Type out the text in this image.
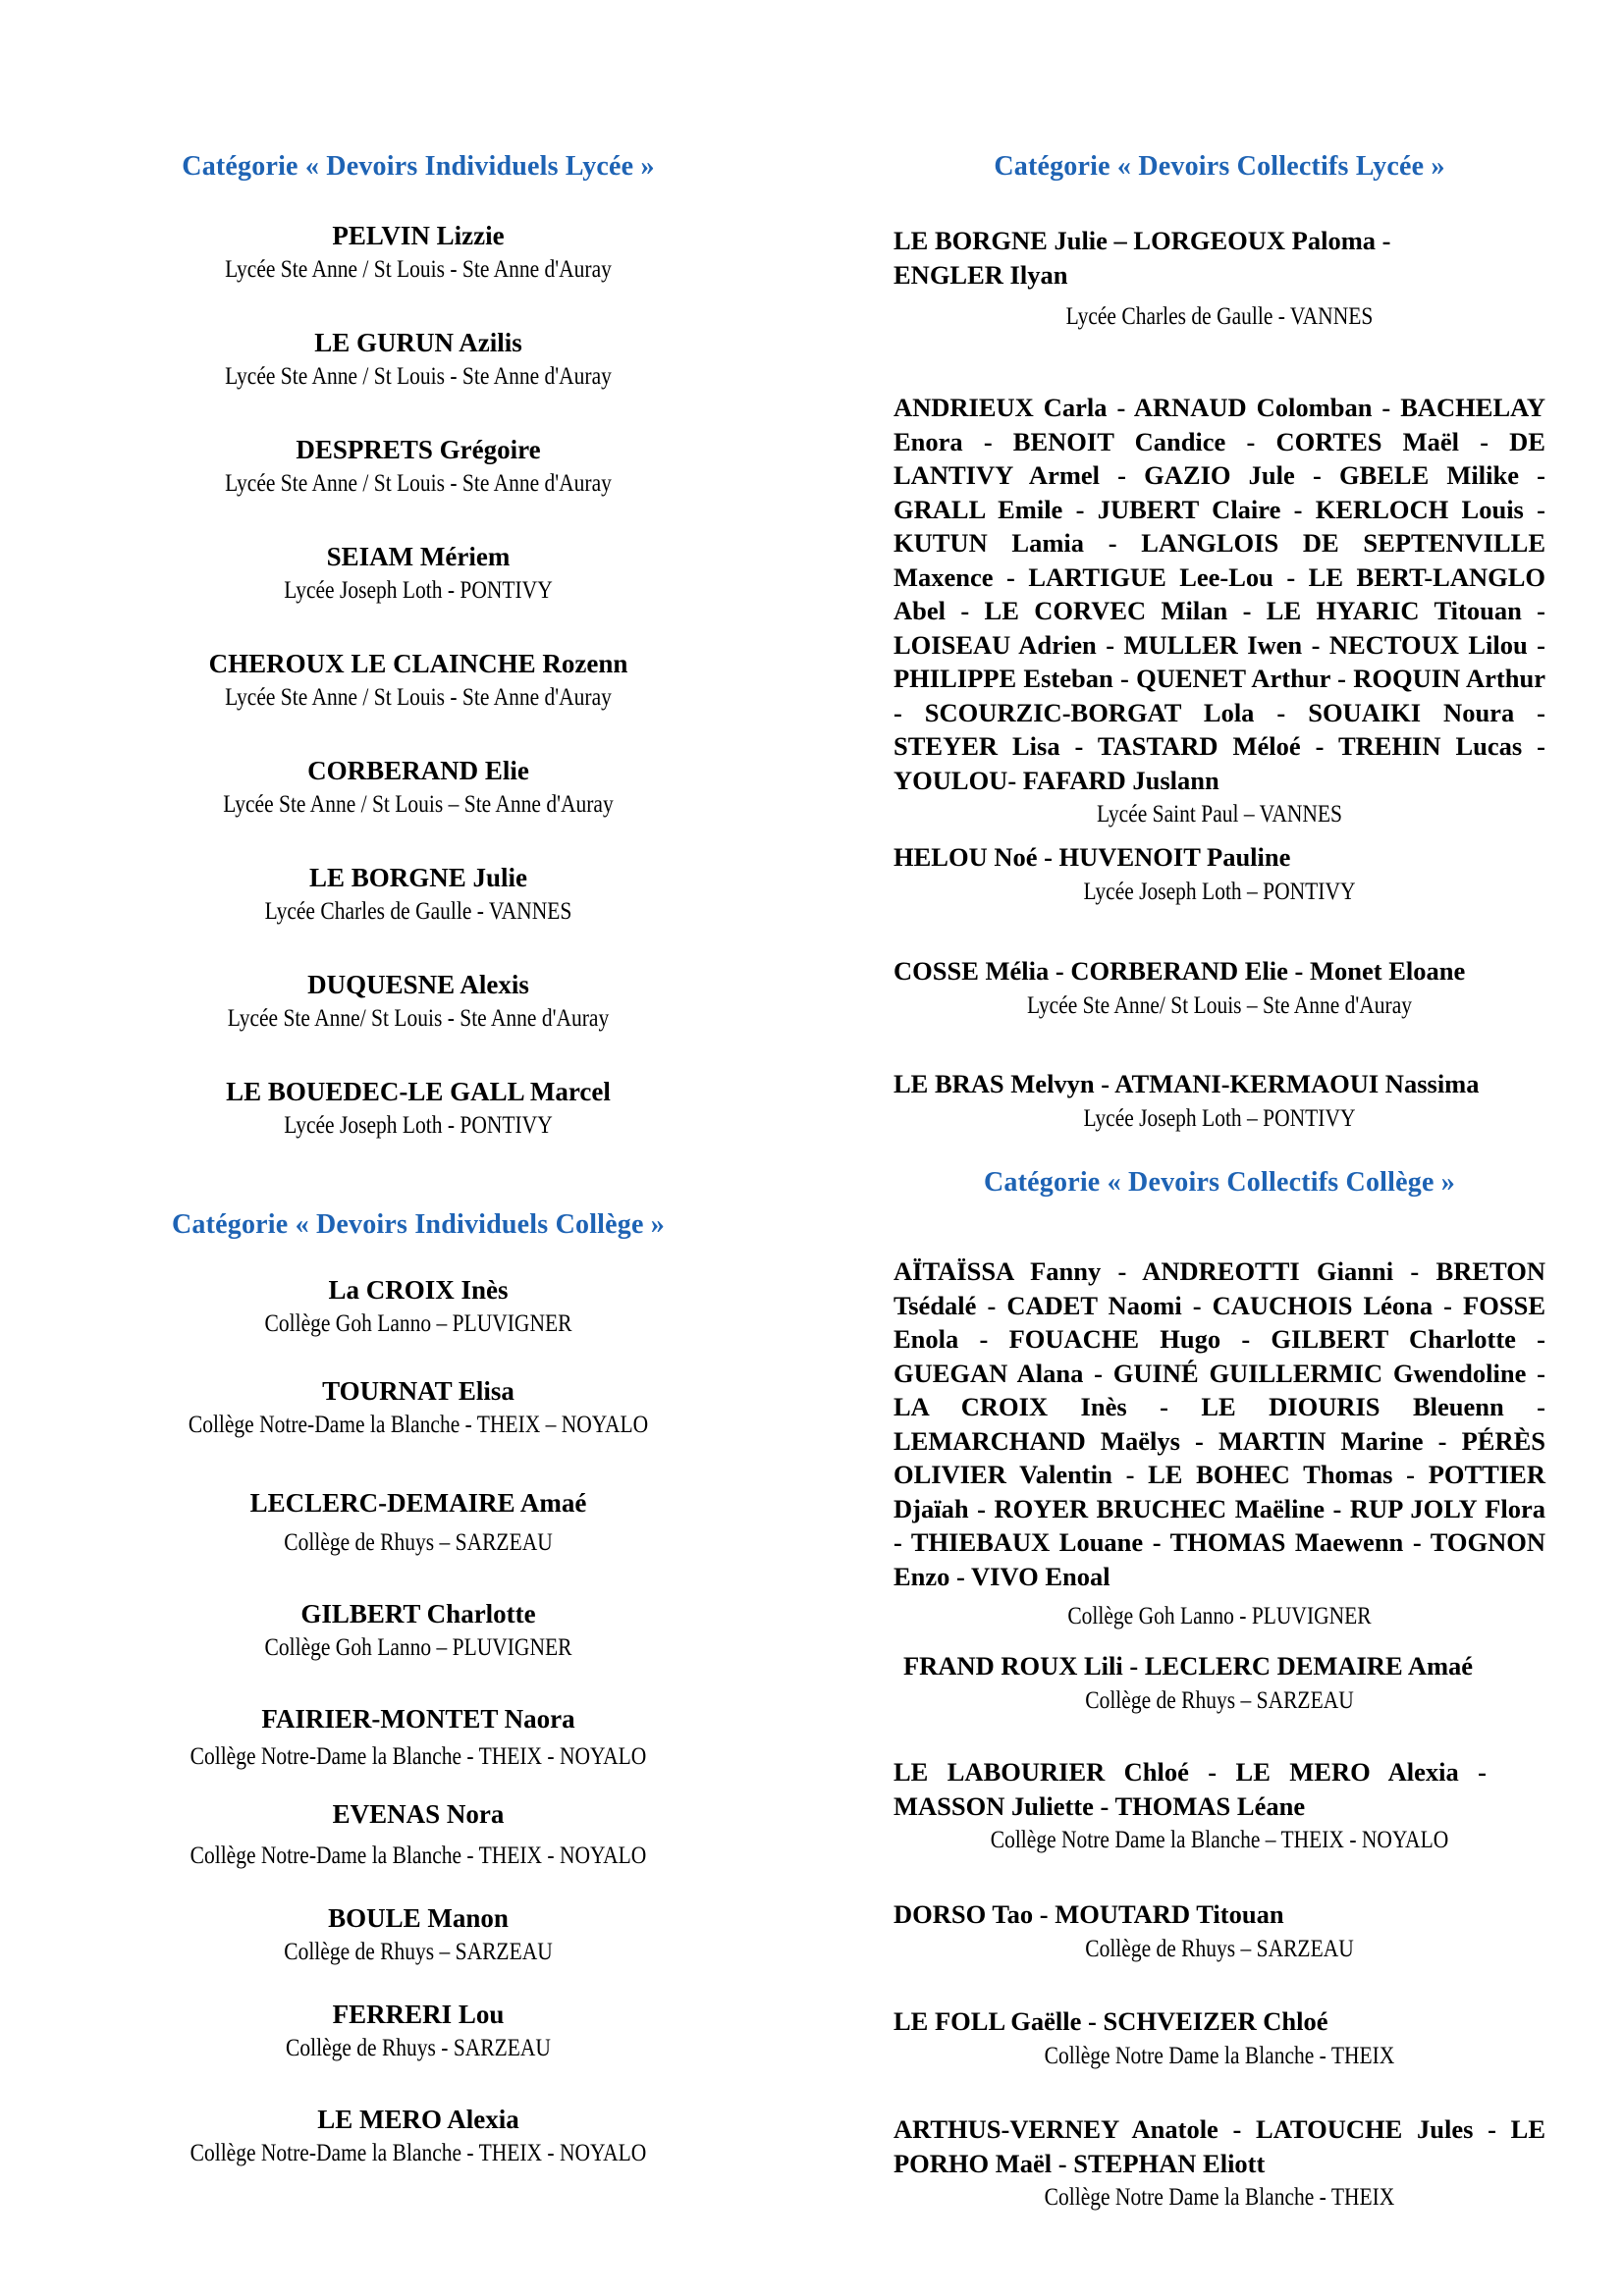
Catégorie « Devoirs Individuels Lycée »
PELVIN Lizzie
Lycée Ste Anne / St Louis - Ste Anne d'Auray
LE GURUN Azilis
Lycée Ste Anne / St Louis - Ste Anne d'Auray
DESPRETS Grégoire
Lycée Ste Anne / St Louis - Ste Anne d'Auray
SEIAM Mériem
Lycée Joseph Loth - PONTIVY
CHEROUX LE CLAINCHE Rozenn
Lycée Ste Anne / St Louis - Ste Anne d'Auray
CORBERAND Elie
Lycée Ste Anne / St Louis – Ste Anne d'Auray
LE BORGNE Julie
Lycée Charles de Gaulle - VANNES
DUQUESNE Alexis
Lycée Ste Anne/ St Louis - Ste Anne d'Auray
LE BOUEDEC-LE GALL Marcel
Lycée Joseph Loth - PONTIVY
Catégorie « Devoirs Individuels Collège »
La CROIX Inès
Collège Goh Lanno – PLUVIGNER
TOURNAT Elisa
Collège Notre-Dame la Blanche - THEIX – NOYALO
LECLERC-DEMAIRE Amaé
Collège de Rhuys – SARZEAU
GILBERT Charlotte
Collège Goh Lanno – PLUVIGNER
FAIRIER-MONTET Naora
Collège Notre-Dame la Blanche - THEIX - NOYALO
EVENAS Nora
Collège Notre-Dame la Blanche - THEIX - NOYALO
BOULE Manon
Collège de Rhuys – SARZEAU
FERRERI Lou
Collège de Rhuys - SARZEAU
LE MERO Alexia
Collège Notre-Dame la Blanche - THEIX - NOYALO
Catégorie « Devoirs Collectifs Lycée »

LE BORGNE Julie – LORGEOUX Paloma - ENGLER Ilyan

Lycée Charles de Gaulle - VANNES

ANDRIEUX Carla - ARNAUD Colomban - BACHELAY Enora - BENOIT Candice - CORTES Maël - DE LANTIVY Armel - GAZIO Jule - GBELE Milike - GRALL Emile - JUBERT Claire - KERLOCH Louis - KUTUN Lamia - LANGLOIS DE SEPTENVILLE Maxence - LARTIGUE Lee-Lou - LE BERT-LANGLO Abel - LE CORVEC Milan - LE HYARIC Titouan - LOISEAU Adrien - MULLER Iwen - NECTOUX Lilou - PHILIPPE Esteban - QUENET Arthur - ROQUIN Arthur - SCOURZIC-BORGAT Lola - SOUAIKI Noura - STEYER Lisa - TASTARD Méloé - TREHIN Lucas - YOULOU- FAFARD Juslann

Lycée Saint Paul – VANNES

HELOU Noé - HUVENOIT Pauline

Lycée Joseph Loth – PONTIVY

COSSE Mélia - CORBERAND Elie - Monet Eloane

Lycée Ste Anne/ St Louis – Ste Anne d'Auray

LE BRAS Melvyn - ATMANI-KERMAOUI Nassima

Lycée Joseph Loth – PONTIVY
Catégorie « Devoirs Collectifs Collège »

AÏTAÏSSA Fanny - ANDREOTTI Gianni - BRETON Tsédalé - CADET Naomi - CAUCHOIS Léona - FOSSE Enola - FOUACHE Hugo - GILBERT Charlotte - GUEGAN Alana - GUINÉ GUILLERMIC Gwendoline - LA CROIX Inès - LE DIOURIS Bleuenn - LEMARCHAND Maëlys - MARTIN Marine - PÉRÈS OLIVIER Valentin - LE BOHEC Thomas - POTTIER Djaïah - ROYER BRUCHEC Maëline - RUP JOLY Flora - THIEBAUX Louane - THOMAS Maewenn - TOGNON Enzo - VIVO Enoal

Collège Goh Lanno - PLUVIGNER

FRAND ROUX Lili - LECLERC DEMAIRE Amaé

Collège de Rhuys – SARZEAU

LE LABOURIER Chloé - LE MERO Alexia - MASSON Juliette - THOMAS Léane

Collège Notre Dame la Blanche – THEIX - NOYALO

DORSO Tao - MOUTARD Titouan

Collège de Rhuys – SARZEAU

LE FOLL Gaëlle - SCHVEIZER Chloé

Collège Notre Dame la Blanche - THEIX

ARTHUS-VERNEY Anatole - LATOUCHE Jules - LE PORHO Maël - STEPHAN Eliott

Collège Notre Dame la Blanche - THEIX
